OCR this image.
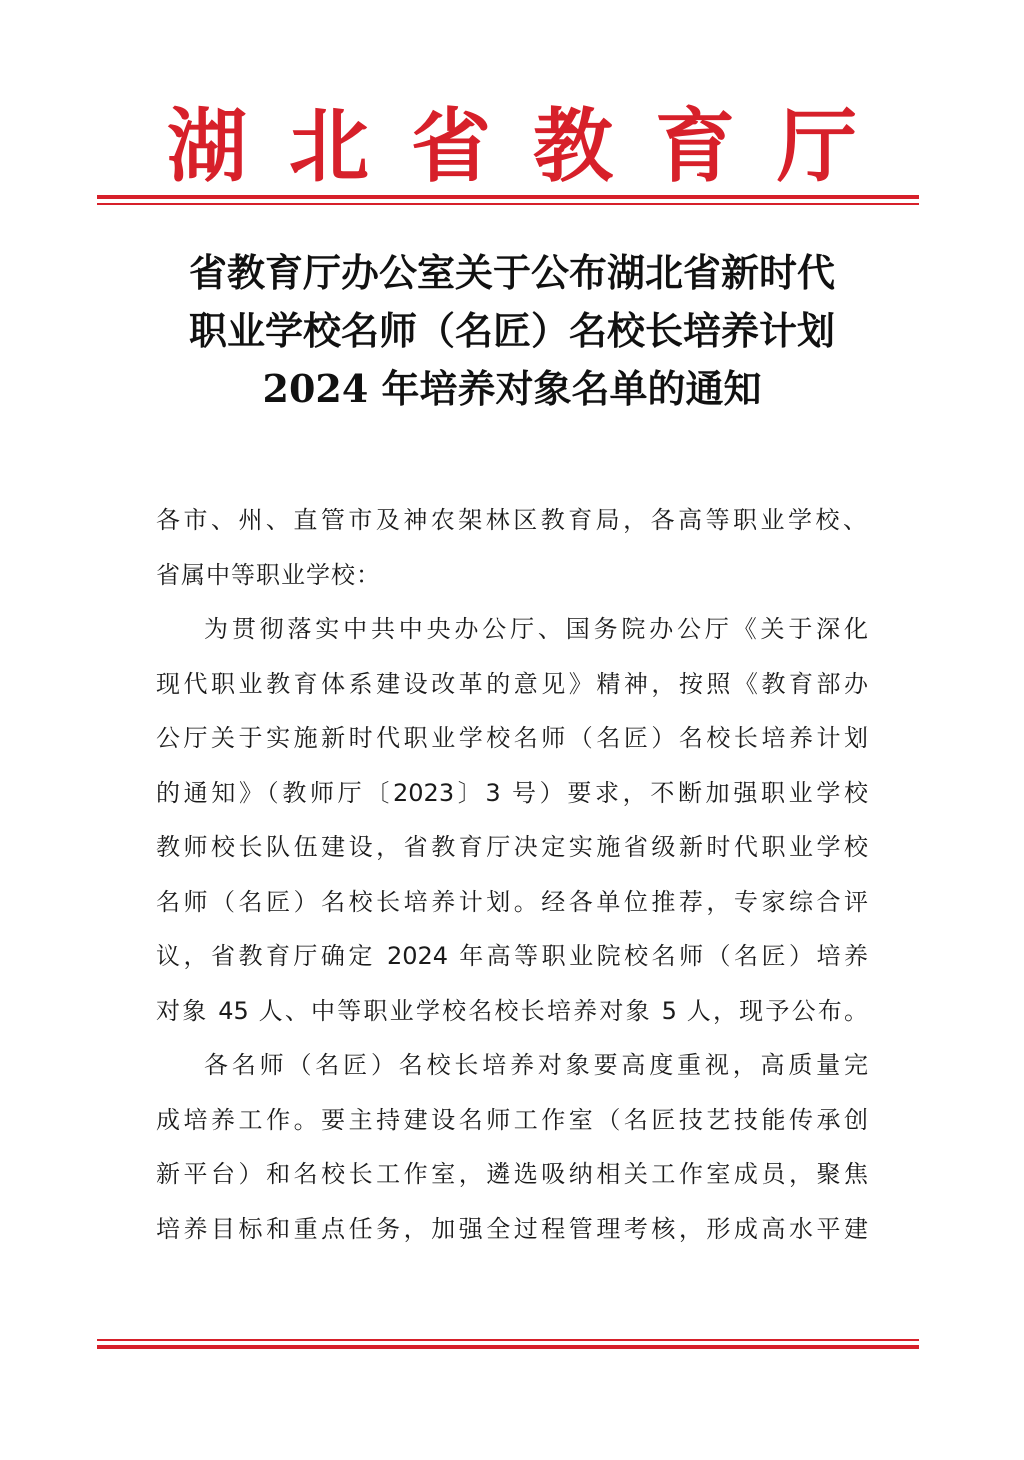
湖北省教育厅
省教育厅办公室关于公布湖北省新时代
职业学校名师（名匠）名校长培养计划
2024 年培养对象名单的通知

各市、州、直管市及神农架林区教育局，各高等职业学校、
省属中等职业学校：

为贯彻落实中共中央办公厅、国务院办公厅《关于深化
现代职业教育体系建设改革的意见》精神，按照《教育部办
公厅关于实施新时代职业学校名师（名匠）名校长培养计划
的通知》（教师厅〔2023〕3 号）要求，不断加强职业学校
教师校长队伍建设，省教育厅决定实施省级新时代职业学校
名师（名匠）名校长培养计划。经各单位推荐，专家综合评
议，省教育厅确定 2024 年高等职业院校名师（名匠）培养
对象 45 人、中等职业学校名校长培养对象 5 人，现予公布。

各名师（名匠）名校长培养对象要高度重视，高质量完
成培养工作。要主持建设名师工作室（名匠技艺技能传承创
新平台）和名校长工作室，遴选吸纳相关工作室成员，聚焦
培养目标和重点任务，加强全过程管理考核，形成高水平建
